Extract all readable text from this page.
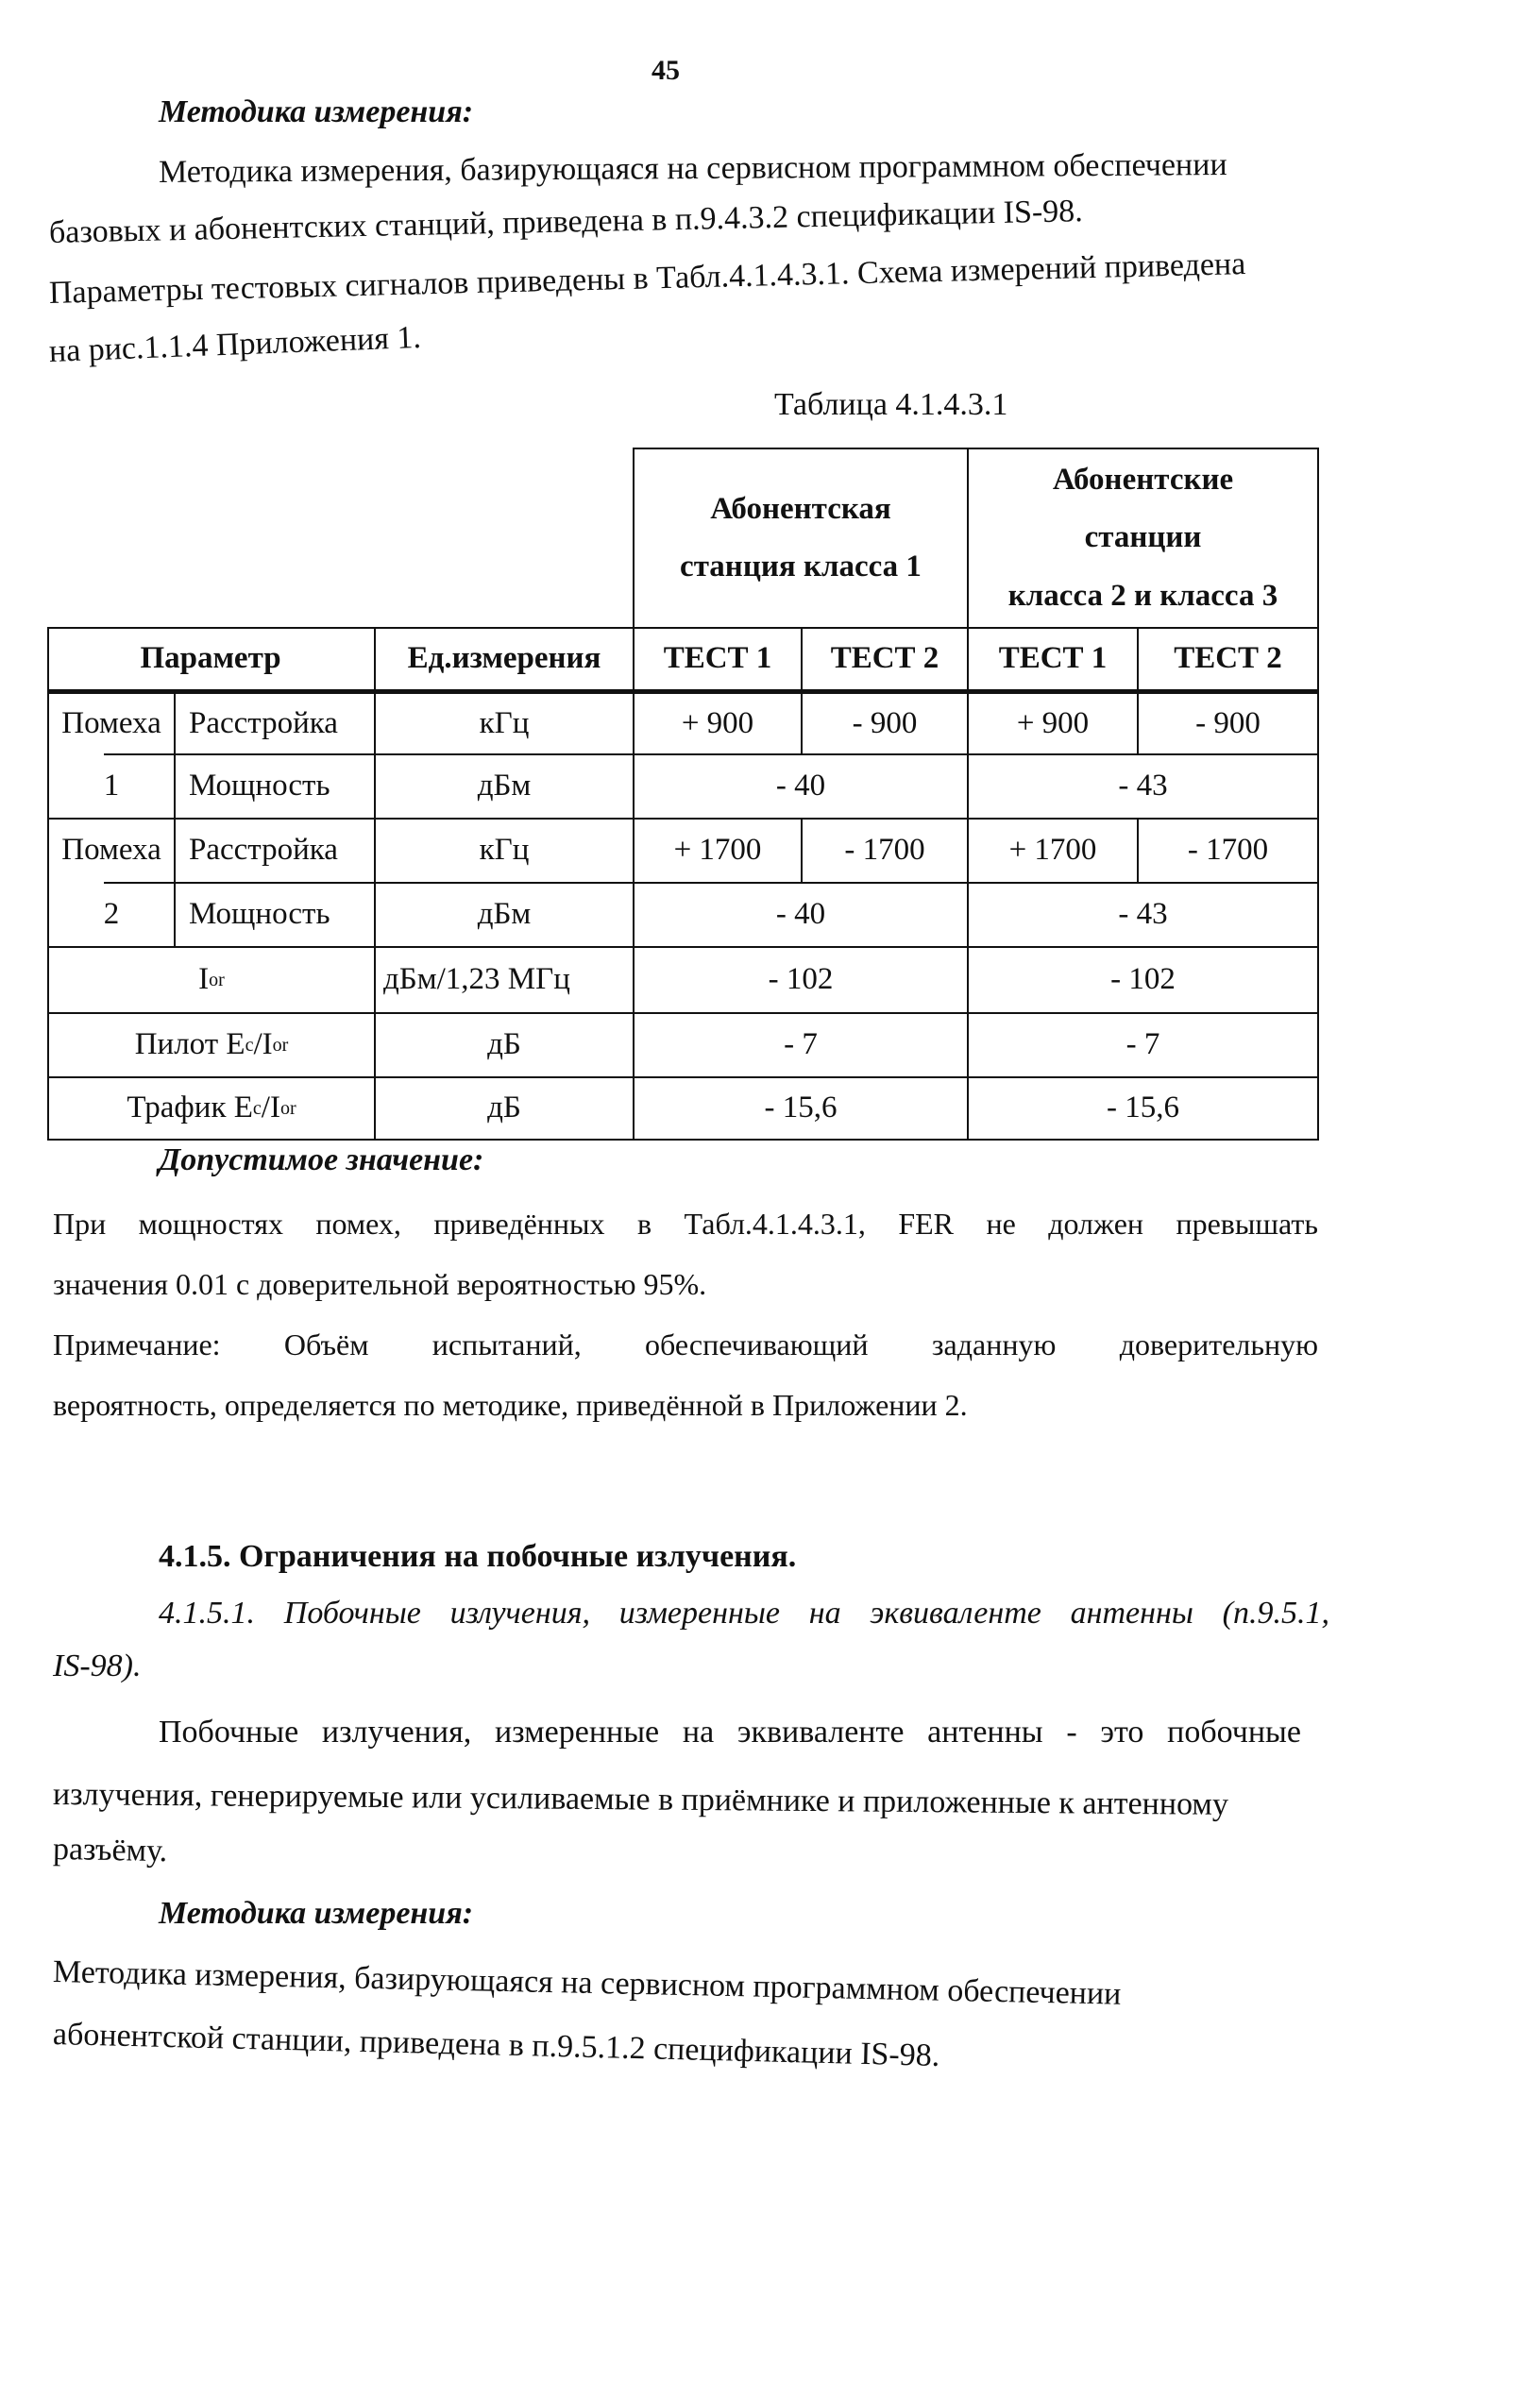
45
Методика измерения:
Методика измерения, базирующаяся на сервисном программном обеспечении
базовых и абонентских станций, приведена в п.9.4.3.2 спецификации IS-98.
Параметры тестовых сигналов приведены в Табл.4.1.4.3.1. Схема измерений приведена
на рис.1.1.4 Приложения 1.
Таблица 4.1.4.3.1
Абонентская
станция класса 1
Абонентские
станции
класса 2 и класса 3
Параметр	Ед.измерения	ТЕСТ 1	ТЕСТ 2	ТЕСТ 1	ТЕСТ 2
Помеха
1
Расстройка	кГц	+ 900	- 900	+ 900	- 900
Мощность	дБм	- 40	- 43
Помеха
2
Расстройка	кГц	+ 1700	- 1700	+ 1700	- 1700
Мощность	дБм	- 40	- 43
I or	дБм/1,23 МГц	- 102	- 102
Пилот E c /I or	дБ	- 7	- 7
Трафик E c /I or	дБ	- 15,6	- 15,6
Допустимое значение:
При мощностях помех, приведённых в Табл.4.1.4.3.1, FER не должен превышать
значения 0.01 с доверительной вероятностью 95%.
Примечание: Объём испытаний, обеспечивающий заданную доверительную
вероятность, определяется по методике, приведённой в Приложении 2.
4.1.5. Ограничения на побочные излучения.
4.1.5.1. Побочные излучения, измеренные на эквиваленте антенны (п.9.5.1,
IS-98).
Побочные излучения, измеренные на эквиваленте антенны - это побочные
излучения, генерируемые или усиливаемые в приёмнике и приложенные к антенному
разъёму.
Методика измерения:
Методика измерения, базирующаяся на сервисном программном обеспечении
абонентской станции, приведена в п.9.5.1.2 спецификации IS-98.
